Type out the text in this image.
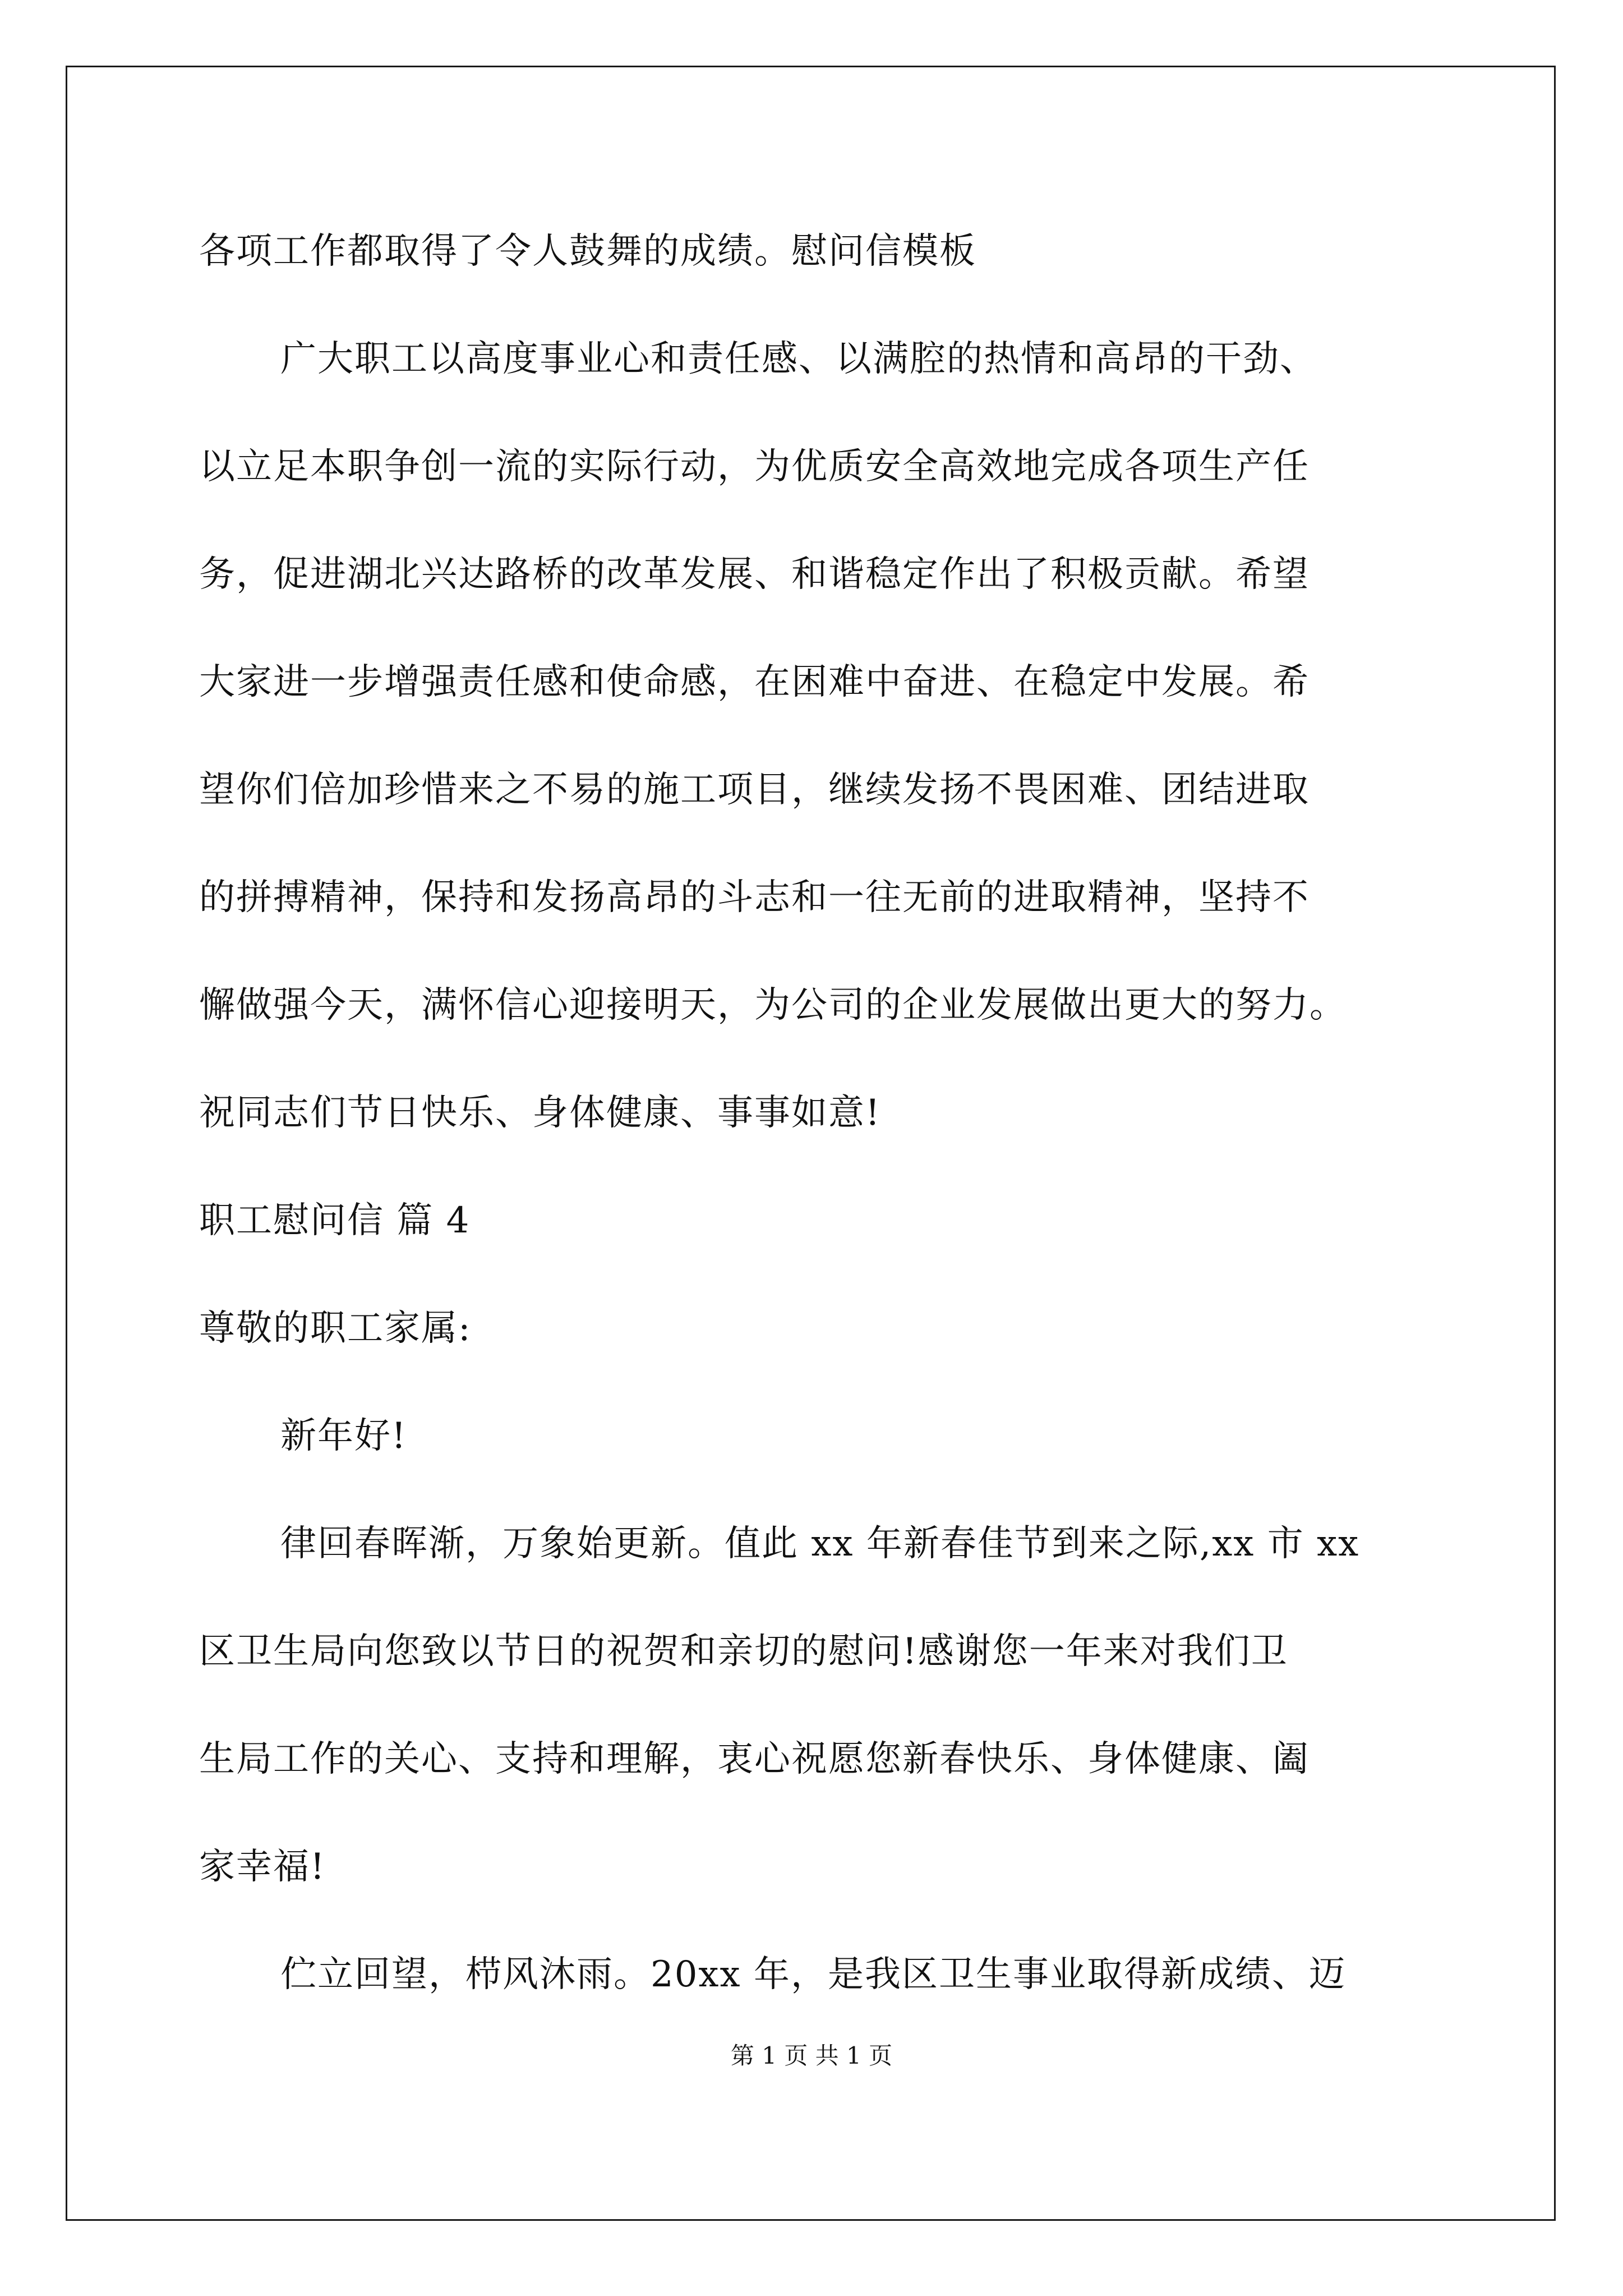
各项工作都取得了令人鼓舞的成绩。慰问信模板
广大职工以高度事业心和责任感、以满腔的热情和高昂的干劲、
以立足本职争创一流的实际行动，为优质安全高效地完成各项生产任
务，促进湖北兴达路桥的改革发展、和谐稳定作出了积极贡献。希望
大家进一步增强责任感和使命感，在困难中奋进、在稳定中发展。希
望你们倍加珍惜来之不易的施工项目，继续发扬不畏困难、团结进取
的拼搏精神，保持和发扬高昂的斗志和一往无前的进取精神，坚持不
懈做强今天，满怀信心迎接明天，为公司的企业发展做出更大的努力。
祝同志们节日快乐、身体健康、事事如意!
职工慰问信 篇 4
尊敬的职工家属:
新年好!
律回春晖渐，万象始更新。值此 xx 年新春佳节到来之际,xx 市 xx
区卫生局向您致以节日的祝贺和亲切的慰问!感谢您一年来对我们卫
生局工作的关心、支持和理解，衷心祝愿您新春快乐、身体健康、阖
家幸福!
伫立回望，栉风沐雨。20xx 年，是我区卫生事业取得新成绩、迈
第 1 页 共 1 页
